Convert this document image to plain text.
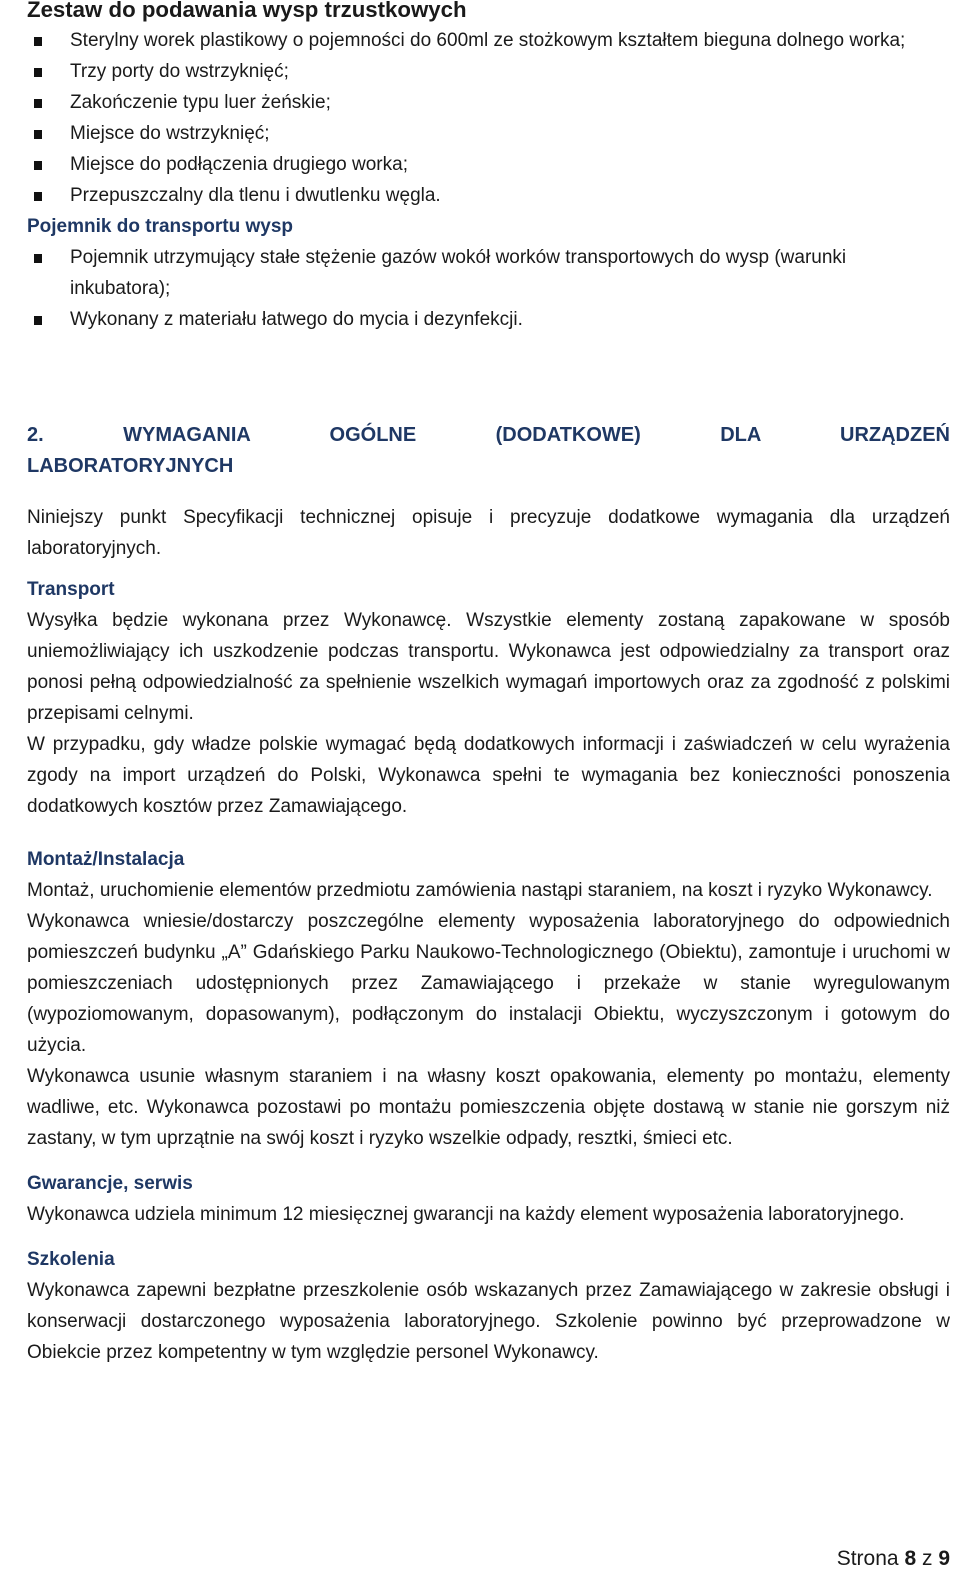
Zestaw do podawania wysp trzustkowych
Sterylny worek plastikowy o pojemności do 600ml ze stożkowym kształtem bieguna dolnego worka;
Trzy porty do wstrzyknięć;
Zakończenie typu luer żeńskie;
Miejsce do wstrzyknięć;
Miejsce do podłączenia drugiego worka;
Przepuszczalny dla tlenu i dwutlenku węgla.
Pojemnik do transportu wysp
Pojemnik utrzymujący stałe stężenie gazów wokół worków transportowych do wysp (warunki inkubatora);
Wykonany z materiału łatwego do mycia i dezynfekcji.
2. WYMAGANIA OGÓLNE (DODATKOWE) DLA URZĄDZEŃ
LABORATORYJNYCH

Niniejszy punkt Specyfikacji technicznej opisuje i precyzuje dodatkowe wymagania dla urządzeń laboratoryjnych.

Transport

Wysyłka będzie wykonana przez Wykonawcę. Wszystkie elementy zostaną zapakowane w sposób uniemożliwiający ich uszkodzenie podczas transportu. Wykonawca jest odpowiedzialny za transport oraz ponosi pełną odpowiedzialność za spełnienie wszelkich wymagań importowych oraz za zgodność z polskimi przepisami celnymi.

W przypadku, gdy władze polskie wymagać będą dodatkowych informacji i zaświadczeń w celu wyrażenia zgody na import urządzeń do Polski, Wykonawca spełni te wymagania bez konieczności ponoszenia dodatkowych kosztów przez Zamawiającego.

Montaż/Instalacja

Montaż, uruchomienie elementów przedmiotu zamówienia nastąpi staraniem, na koszt i ryzyko Wykonawcy.

Wykonawca wniesie/dostarczy poszczególne elementy wyposażenia laboratoryjnego do odpowiednich pomieszczeń budynku „A” Gdańskiego Parku Naukowo-Technologicznego (Obiektu), zamontuje i uruchomi w pomieszczeniach udostępnionych przez Zamawiającego i przekaże w stanie wyregulowanym (wypoziomowanym, dopasowanym), podłączonym do instalacji Obiektu, wyczyszczonym i gotowym do użycia.

Wykonawca usunie własnym staraniem i na własny koszt opakowania, elementy po montażu, elementy wadliwe, etc. Wykonawca pozostawi po montażu pomieszczenia objęte dostawą w stanie nie gorszym niż zastany, w tym uprzątnie na swój koszt i ryzyko wszelkie odpady, resztki, śmieci etc.

Gwarancje, serwis

Wykonawca udziela minimum 12 miesięcznej gwarancji na każdy element wyposażenia laboratoryjnego.

Szkolenia

Wykonawca zapewni bezpłatne przeszkolenie osób wskazanych przez Zamawiającego w zakresie obsługi i konserwacji dostarczonego wyposażenia laboratoryjnego. Szkolenie powinno być przeprowadzone w Obiekcie przez kompetentny w tym względzie personel Wykonawcy.

Strona 8 z 9
